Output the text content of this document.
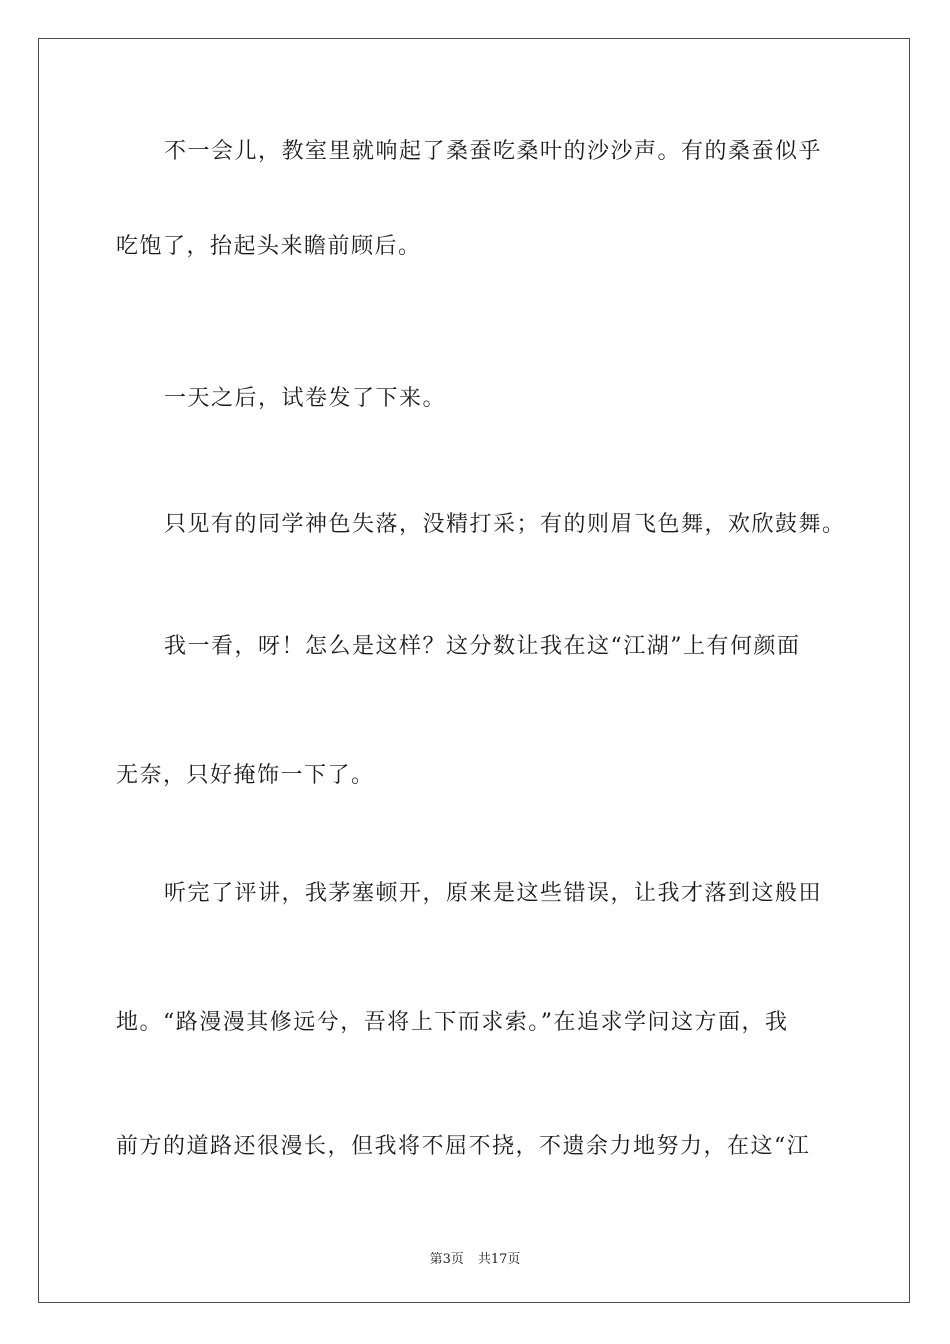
不一会儿，教室里就响起了桑蚕吃桑叶的沙沙声。有的桑蚕似乎
吃饱了，抬起头来瞻前顾后。
一天之后，试卷发了下来。
只见有的同学神色失落，没精打采；有的则眉飞色舞，欢欣鼓舞。
我一看，呀！怎么是这样？这分数让我在这“江湖”上有何颜面
无奈，只好掩饰一下了。
听完了评讲，我茅塞顿开，原来是这些错误，让我才落到这般田
地。“路漫漫其修远兮，吾将上下而求索。”在追求学问这方面，我
前方的道路还很漫长，但我将不屈不挠，不遗余力地努力，在这“江
第3页 共17页
